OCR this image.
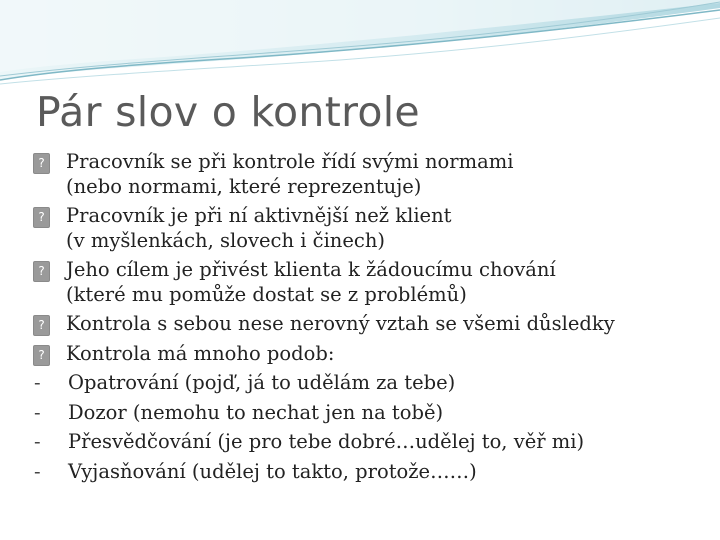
Pár slov o kontrole
? Pracovník se při kontrole řídí svými normami
(nebo normami, které reprezentuje)
? Pracovník je při ní aktivnější než klient
(v myšlenkách, slovech i činech)
? Jeho cílem je přivést klienta k žádoucímu chování
(které mu pomůže dostat se z problémů)
? Kontrola s sebou nese nerovný vztah se všemi důsledky
? Kontrola má mnoho podob:
-	Opatrování (pojď, já to udělám za tebe)
-	Dozor (nemohu to nechat jen na tobě)
-	Přesvědčování (je pro tebe dobré…udělej to, věř mi)
-	Vyjasňování (udělej to takto, protože……)
